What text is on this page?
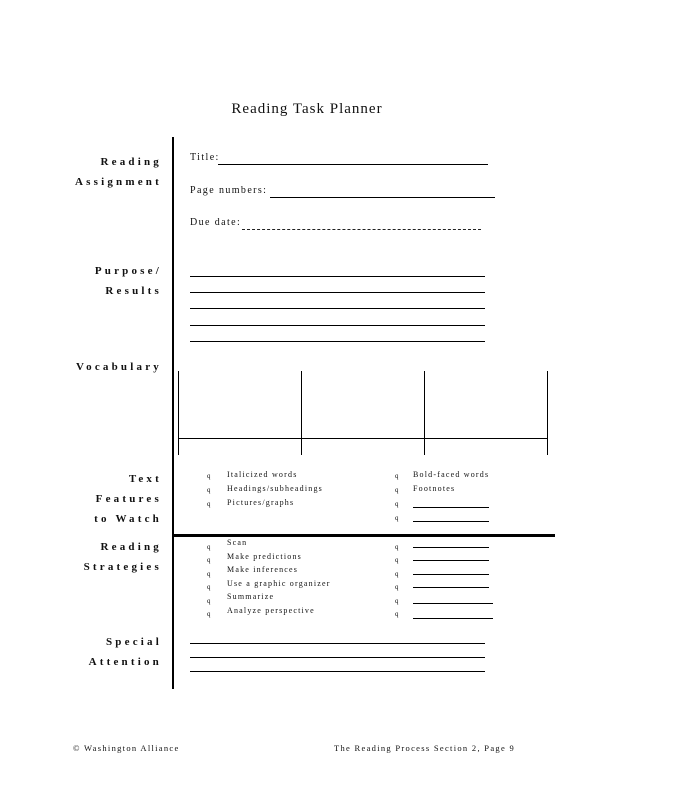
Reading Task Planner
Reading
Assignment
Purpose/
Results
Vocabulary
Text
Features
to Watch
Reading
Strategies
Special
Attention
Title:
Page numbers:
Due date:
q Italicized words
q Headings/subheadings
q Pictures/graphs
q Bold-faced words
q Footnotes
q
q
q Scan
q Make predictions
q Make inferences
q Use a graphic organizer
q Summarize
q Analyze perspective
q
q
q
q
q
q
© Washington Alliance	The Reading Process Section 2, Page 9
